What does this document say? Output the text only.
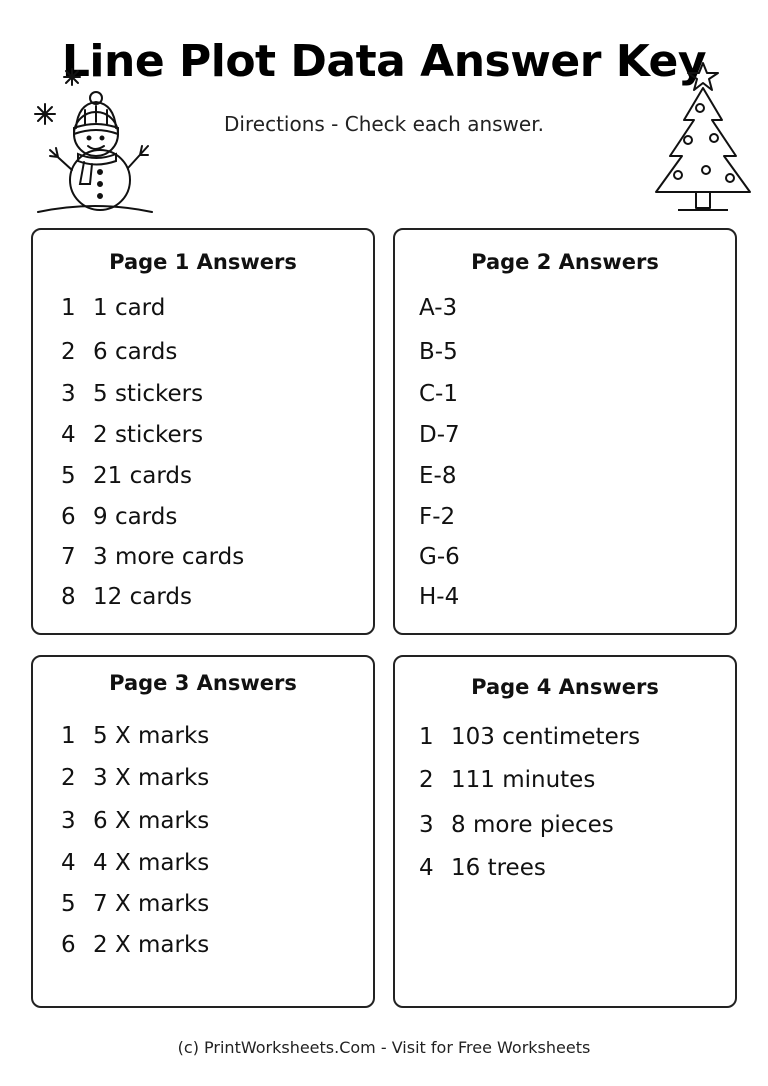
Line Plot Data Answer Key
Directions - Check each answer.
Page 1 Answers
1 1 card
2 6 cards
3 5 stickers
4 2 stickers
5 21 cards
6 9 cards
7 3 more cards
8 12 cards
Page 2 Answers
A-3
B-5
C-1
D-7
E-8
F-2
G-6
H-4
Page 3 Answers
1 5 X marks
2 3 X marks
3 6 X marks
4 4 X marks
5 7 X marks
6 2 X marks
Page 4 Answers
1 103 centimeters
2 111 minutes
3 8 more pieces
4 16 trees
(c) PrintWorksheets.Com - Visit for Free Worksheets
